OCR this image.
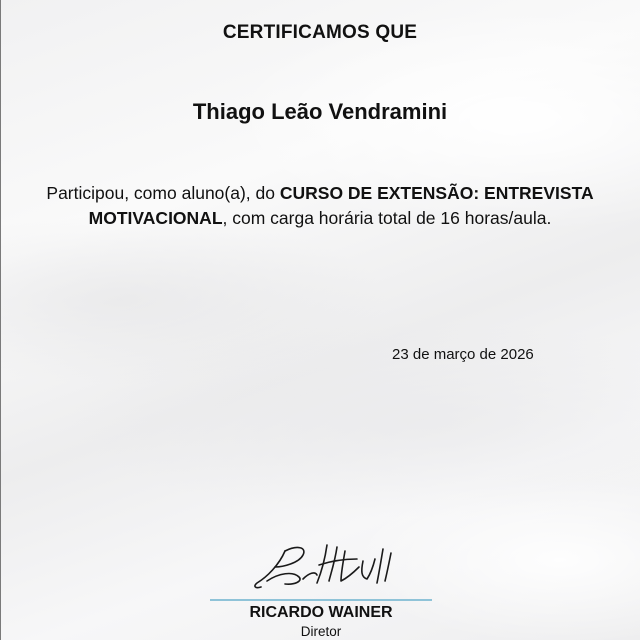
CERTIFICAMOS QUE
Thiago Leão Vendramini
Participou, como aluno(a), do CURSO DE EXTENSÃO: ENTREVISTA MOTIVACIONAL, com carga horária total de 16 horas/aula.
23 de março de 2026
RICARDO WAINER
Diretor
